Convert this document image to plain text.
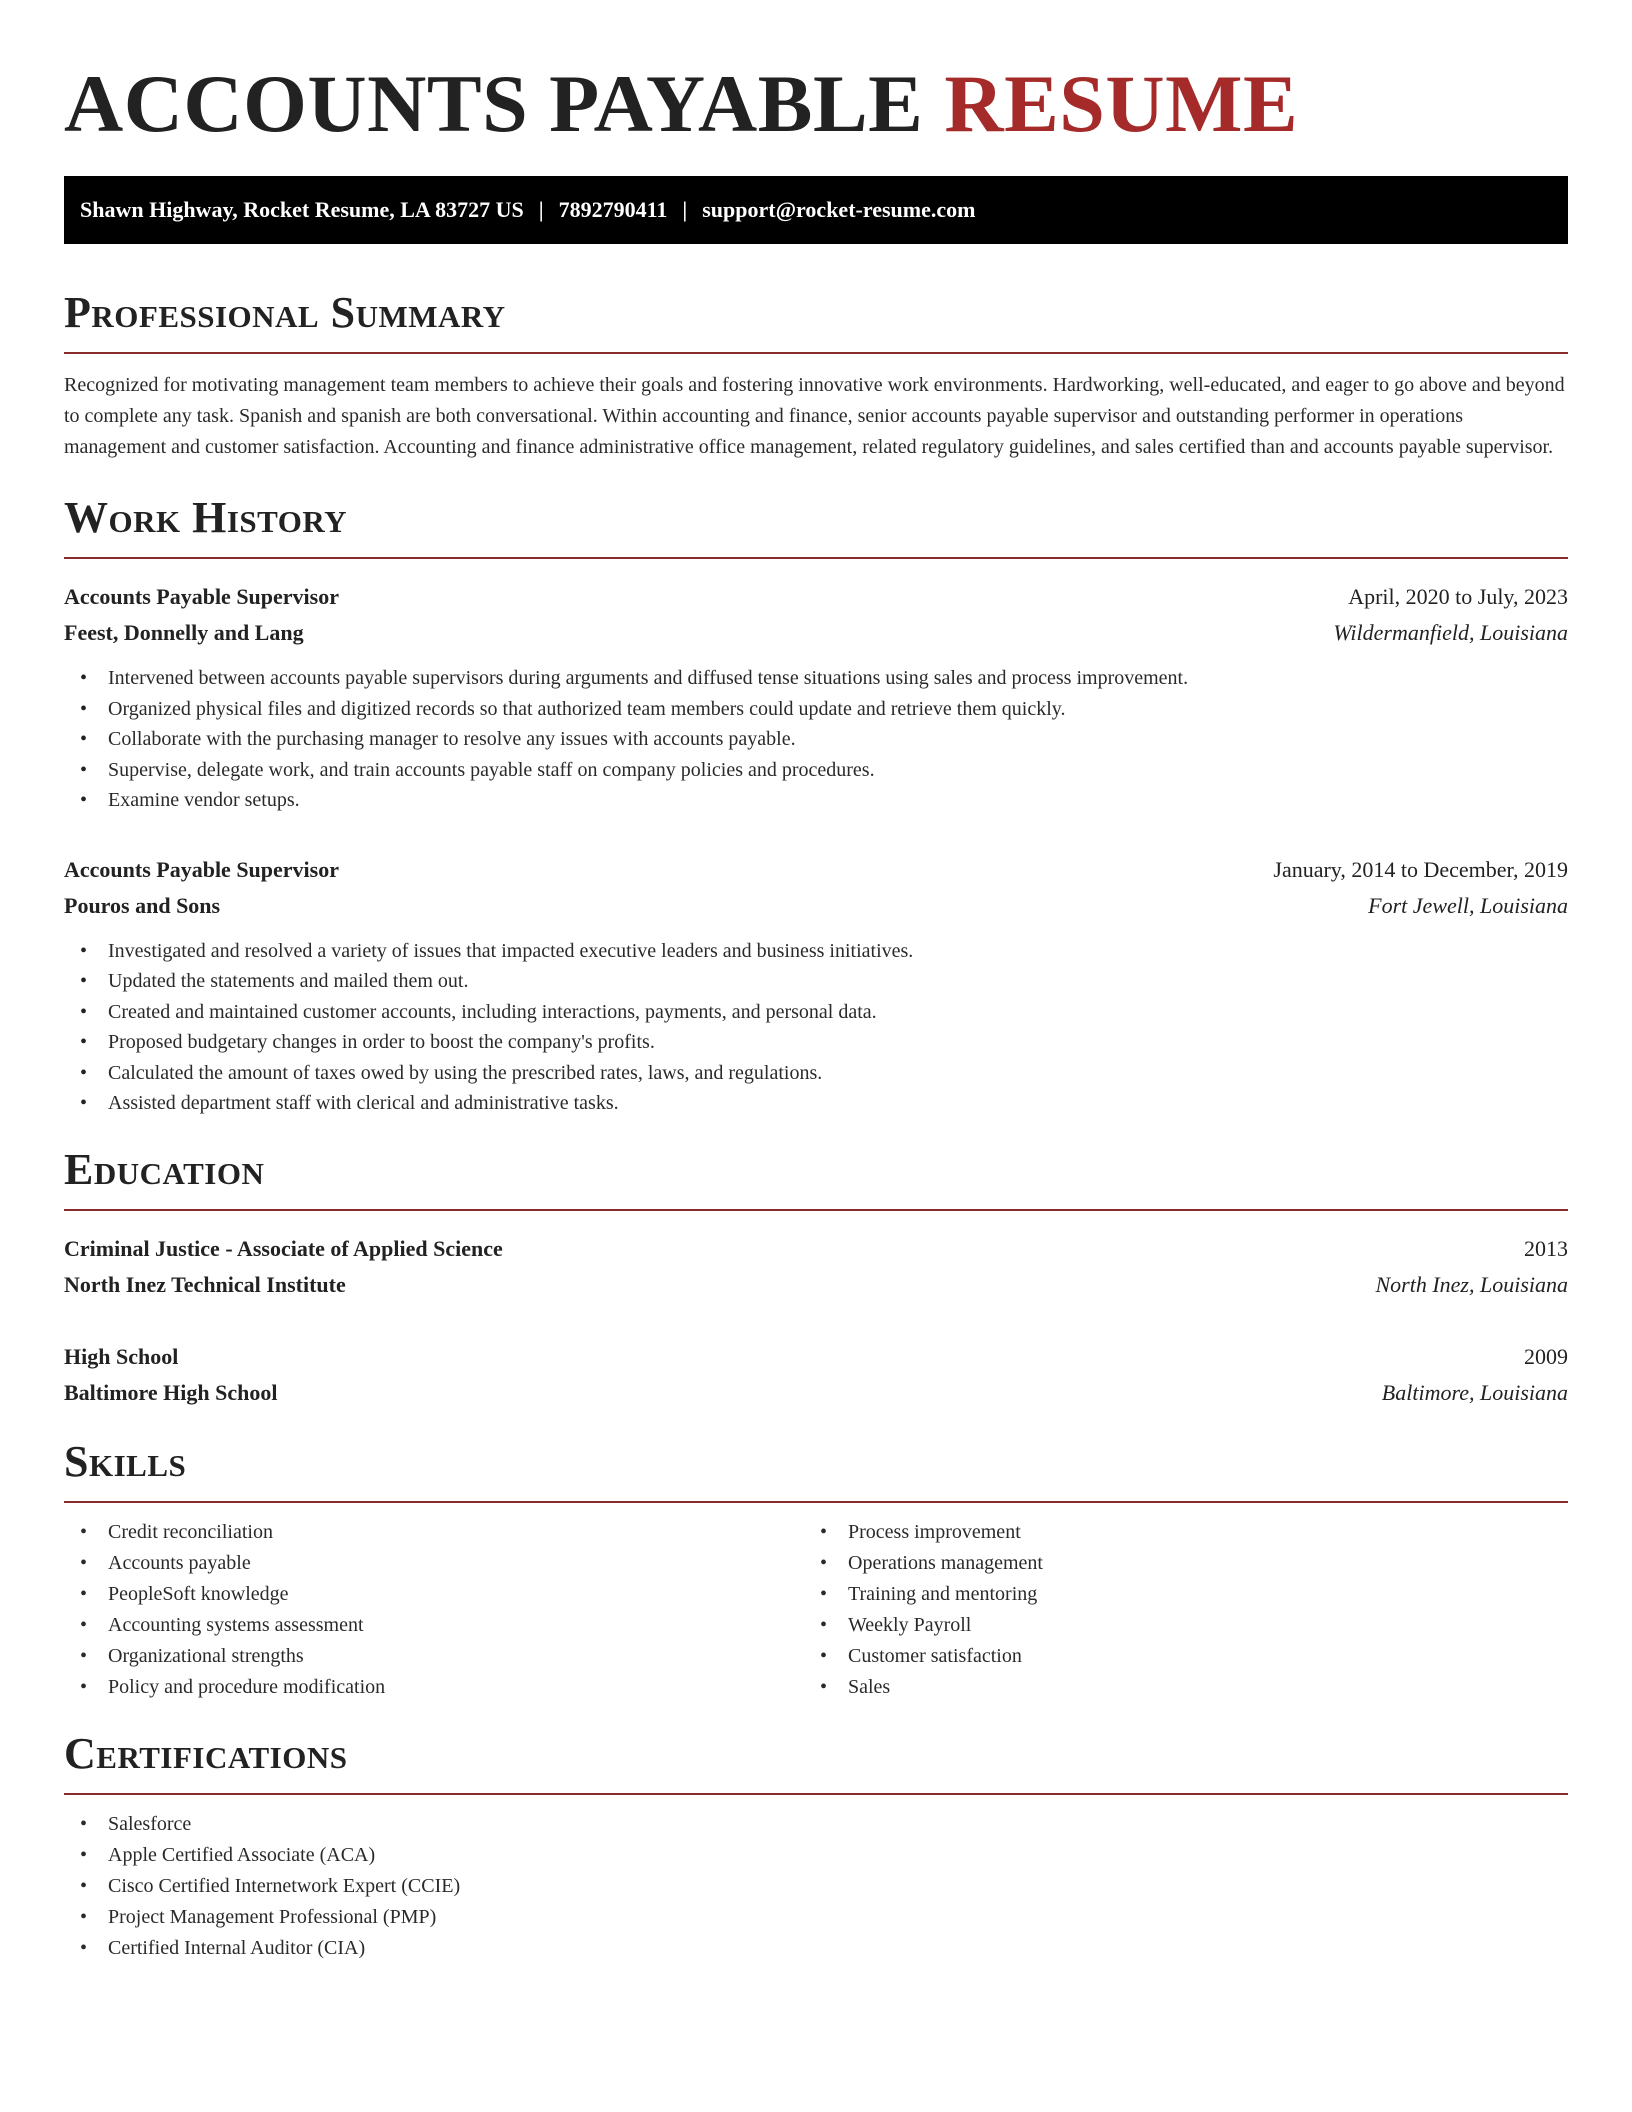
ACCOUNTS PAYABLE RESUME
Shawn Highway, Rocket Resume, LA 83727 US | 7892790411 | support@rocket-resume.com
Professional Summary

Recognized for motivating management team members to achieve their goals and fostering innovative work environments. Hardworking, well-educated, and eager to go above and beyond to complete any task. Spanish and spanish are both conversational. Within accounting and finance, senior accounts payable supervisor and outstanding performer in operations management and customer satisfaction. Accounting and finance administrative office management, related regulatory guidelines, and sales certified than and accounts payable supervisor.

Work History
Accounts Payable Supervisor	April, 2020 to July, 2023
Feest, Donnelly and Lang	Wildermanfield, Louisiana
• Intervened between accounts payable supervisors during arguments and diffused tense situations using sales and process improvement.
• Organized physical files and digitized records so that authorized team members could update and retrieve them quickly.
• Collaborate with the purchasing manager to resolve any issues with accounts payable.
• Supervise, delegate work, and train accounts payable staff on company policies and procedures.
• Examine vendor setups.
Accounts Payable Supervisor	January, 2014 to December, 2019
Pouros and Sons	Fort Jewell, Louisiana
• Investigated and resolved a variety of issues that impacted executive leaders and business initiatives.
• Updated the statements and mailed them out.
• Created and maintained customer accounts, including interactions, payments, and personal data.
• Proposed budgetary changes in order to boost the company's profits.
• Calculated the amount of taxes owed by using the prescribed rates, laws, and regulations.
• Assisted department staff with clerical and administrative tasks.
Education
Criminal Justice - Associate of Applied Science	2013
North Inez Technical Institute	North Inez, Louisiana
High School	2009
Baltimore High School	Baltimore, Louisiana
Skills
• Credit reconciliation
• Accounts payable
• PeopleSoft knowledge
• Accounting systems assessment
• Organizational strengths
• Policy and procedure modification
• Process improvement
• Operations management
• Training and mentoring
• Weekly Payroll
• Customer satisfaction
• Sales
Certifications
• Salesforce
• Apple Certified Associate (ACA)
• Cisco Certified Internetwork Expert (CCIE)
• Project Management Professional (PMP)
• Certified Internal Auditor (CIA)
